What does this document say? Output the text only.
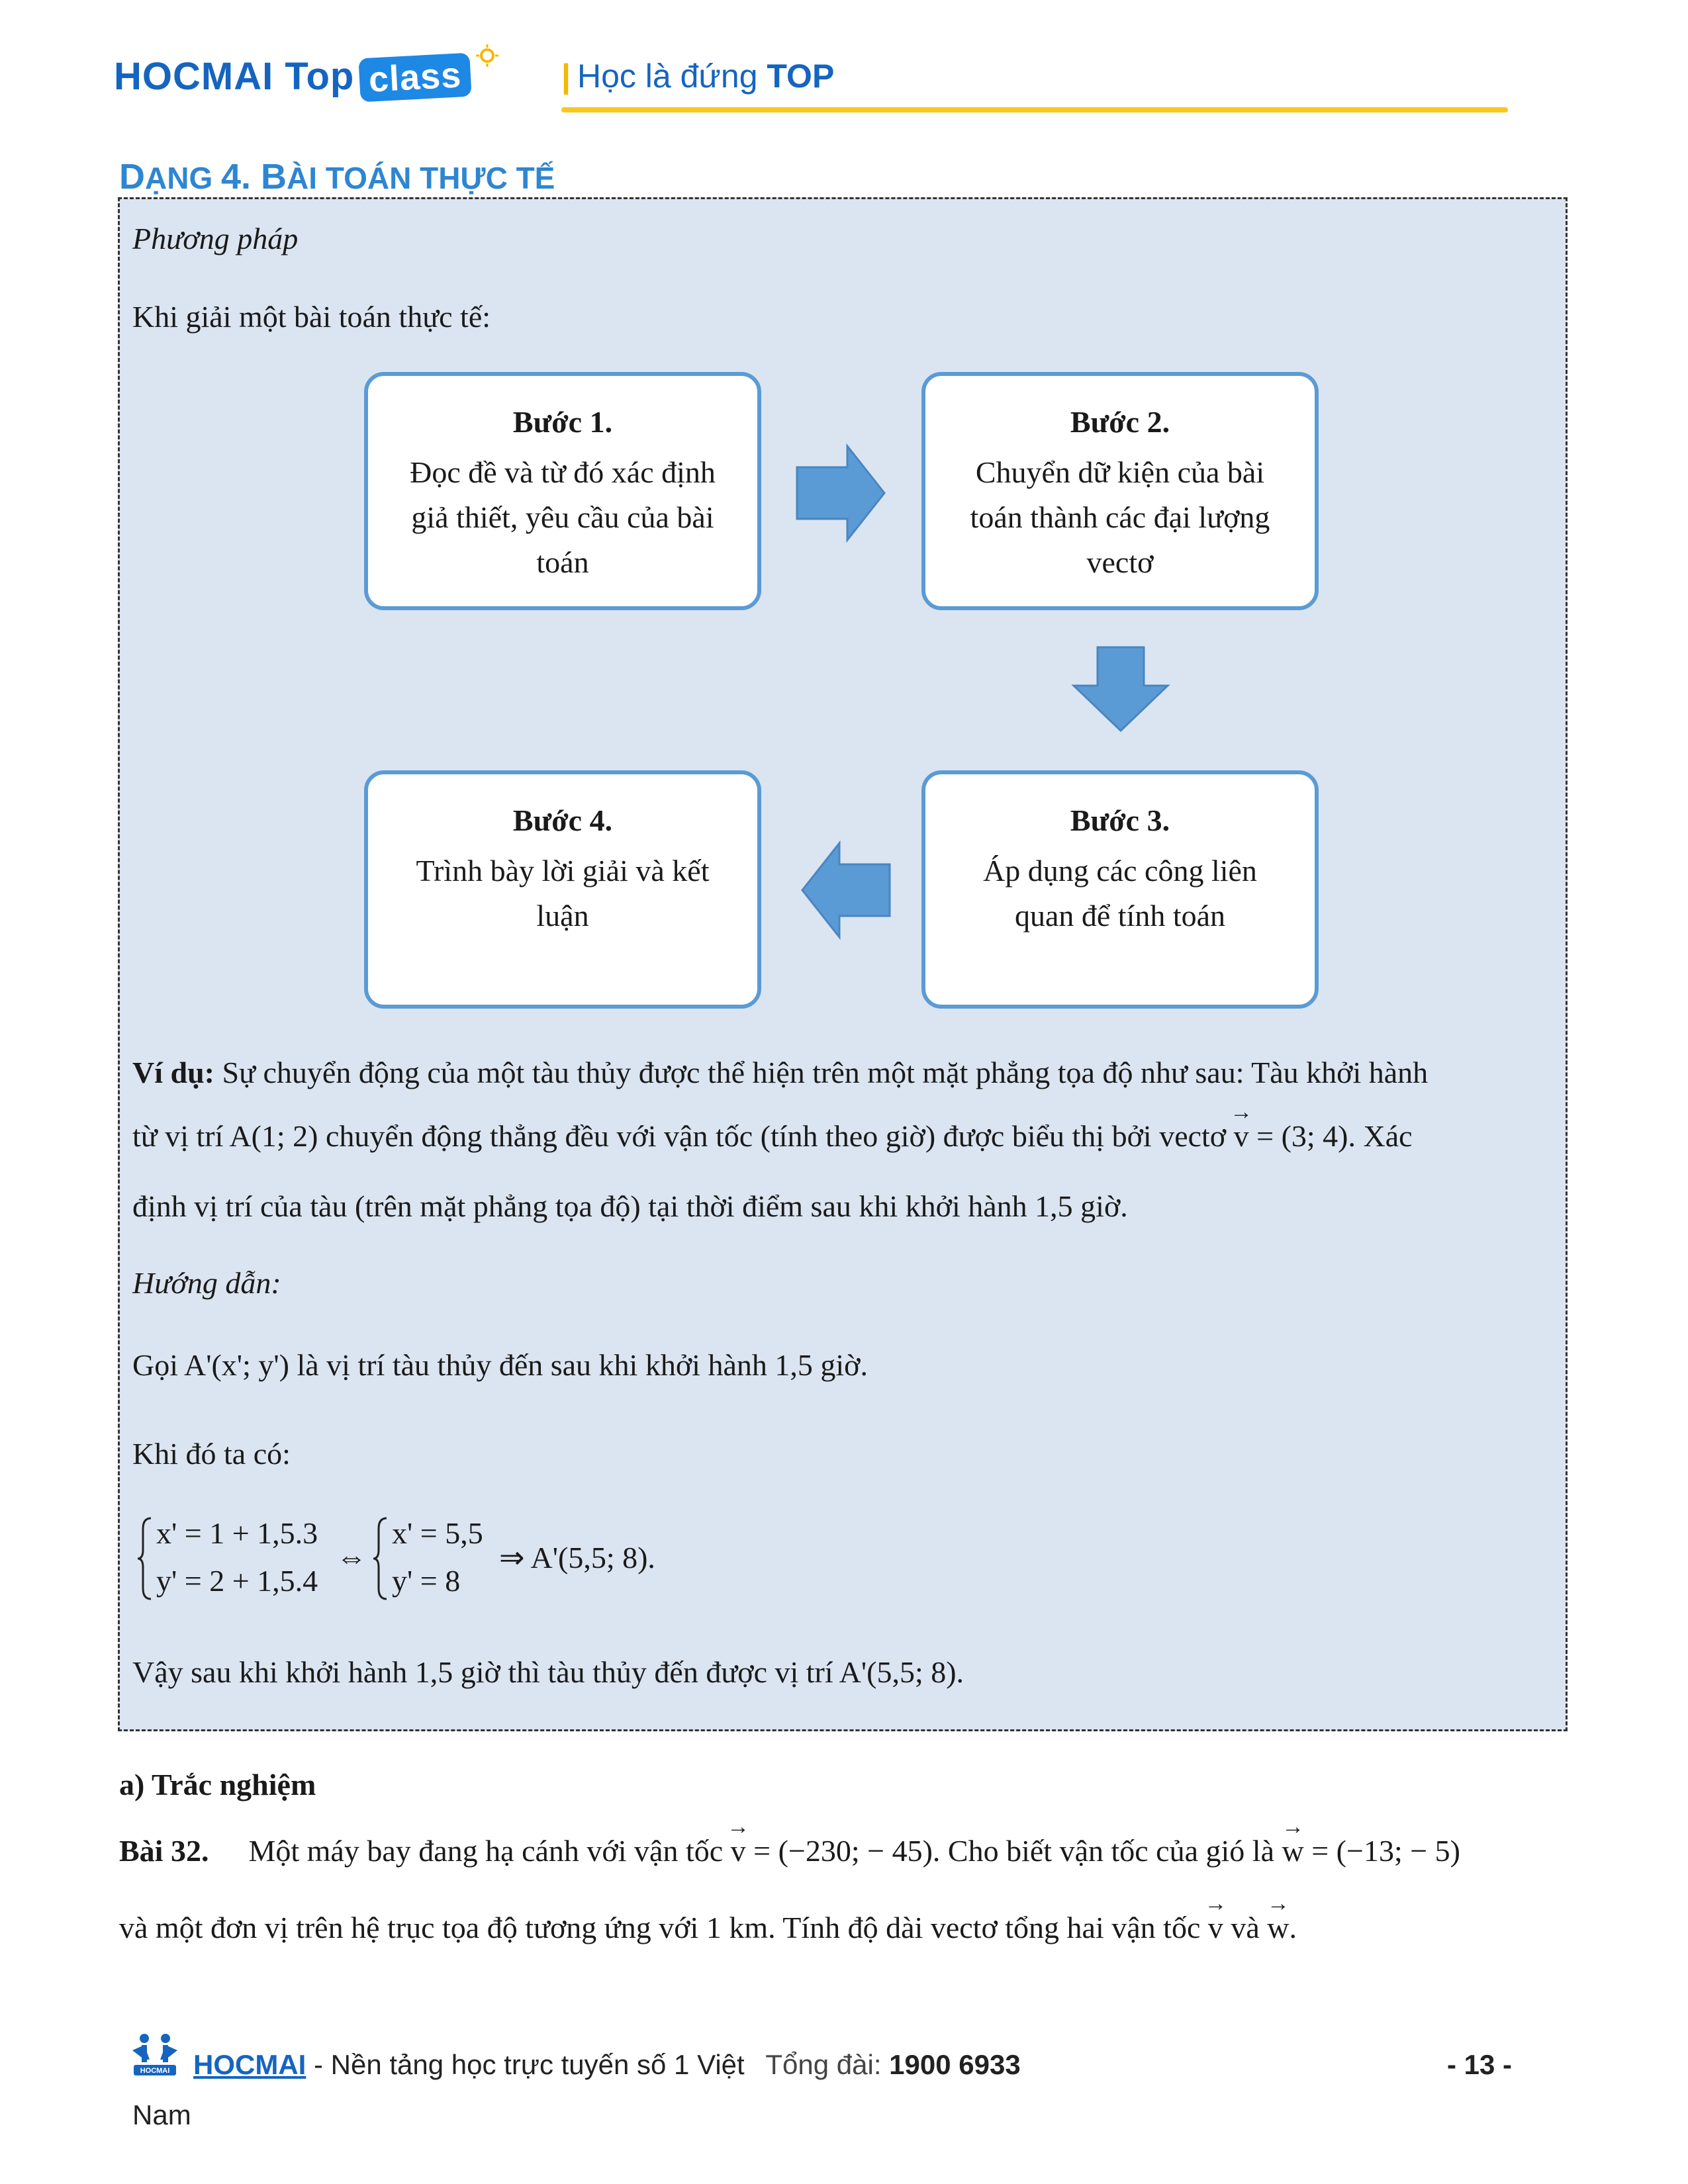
HOCMAI Top class	| Học là đứng TOP
DẠNG 4. BÀI TOÁN THỰC TẾ
Phương pháp
Khi giải một bài toán thực tế:
Bước 1.
Đọc đề và từ đó xác định giả thiết, yêu cầu của bài toán
Bước 2.
Chuyển dữ kiện của bài toán thành các đại lượng vectơ
Bước 3.
Áp dụng các công liên quan để tính toán
Bước 4.
Trình bày lời giải và kết luận
Ví dụ: Sự chuyển động của một tàu thủy được thể hiện trên một mặt phẳng tọa độ như sau: Tàu khởi hành
từ vị trí A(1; 2) chuyển động thẳng đều với vận tốc (tính theo giờ) được biểu thị bởi vectơ → v = (3; 4). Xác
định vị trí của tàu (trên mặt phẳng tọa độ) tại thời điểm sau khi khởi hành 1,5 giờ.
Hướng dẫn:
Gọi A'(x'; y') là vị trí tàu thủy đến sau khi khởi hành 1,5 giờ.
Khi đó ta có:
x' = 1 + 1,5.3
y' = 2 + 1,5.4
⇔
x' = 5,5
y' = 8
⇒ A'(5,5; 8).
Vậy sau khi khởi hành 1,5 giờ thì tàu thủy đến được vị trí A'(5,5; 8).
a) Trắc nghiệm
Bài 32. Một máy bay đang hạ cánh với vận tốc → v = (−230; − 45). Cho biết vận tốc của gió là → w = (−13; − 5)
và một đơn vị trên hệ trục tọa độ tương ứng với 1 km. Tính độ dài vectơ tổng hai vận tốc → v và → w.
HOCMAI HOCMAI - Nền tảng học trực tuyến số 1 Việt Tổng đài: 1900 6933	- 13 -
Nam
